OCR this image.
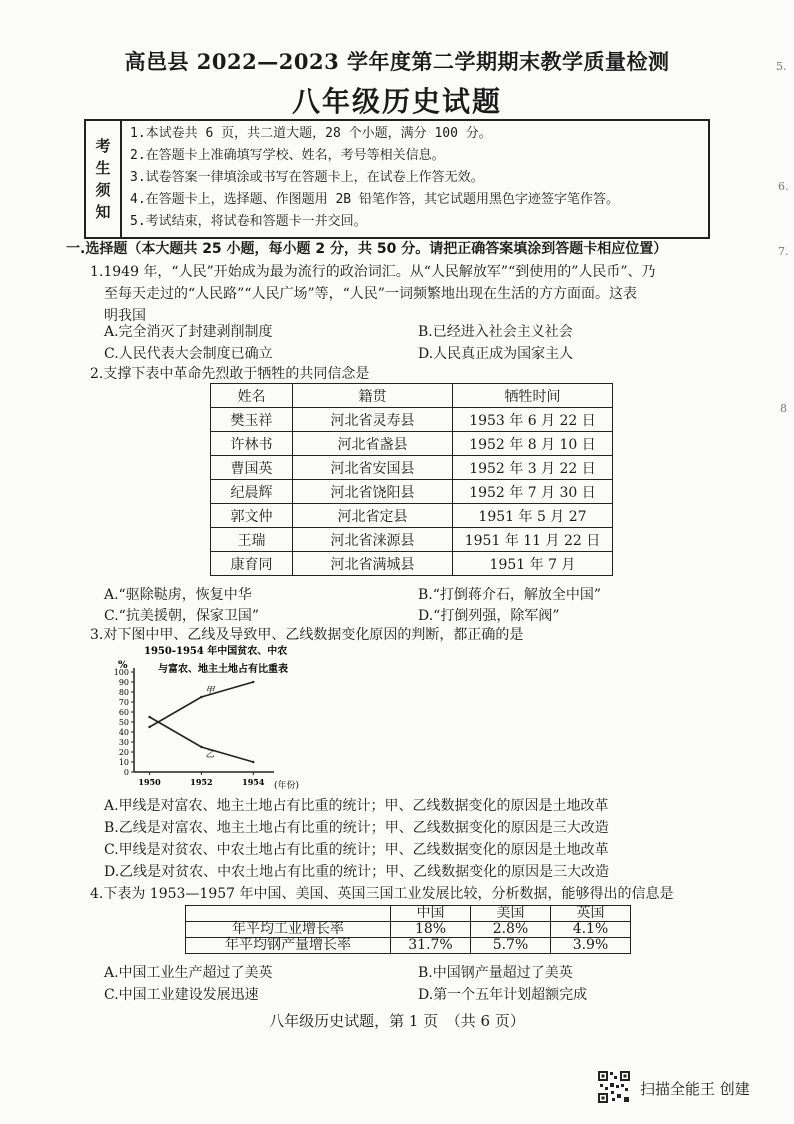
高邑县 2022—2023 学年度第二学期期末教学质量检测
八年级历史试题
考
生
须
知
1.本试卷共 6 页，共二道大题，28 个小题，满分 100 分。
2.在答题卡上准确填写学校、姓名，考号等相关信息。
3.试卷答案一律填涂或书写在答题卡上，在试卷上作答无效。
4.在答题卡上，选择题、作图题用 2B 铅笔作答，其它试题用黑色字迹签字笔作答。
5.考试结束，将试卷和答题卡一并交回。
一.选择题（本大题共 25 小题，每小题 2 分，共 50 分。请把正确答案填涂到答题卡相应位置）
1.1949 年，“人民”开始成为最为流行的政治词汇。从“人民解放军”“到使用的”人民币”、乃
至每天走过的“人民路”“人民广场”等，“人民”一词频繁地出现在生活的方方面面。这表
明我国
A.完全消灭了封建剥削制度	B.已经进入社会主义社会
C.人民代表大会制度已确立	D.人民真正成为国家主人
2.支撑下表中革命先烈敢于牺牲的共同信念是
姓名	籍贯	牺牲时间
樊玉祥	河北省灵寿县	1953 年 6 月 22 日
许林书	河北省盏县	1952 年 8 月 10 日
曹国英	河北省安国县	1952 年 3 月 22 日
纪晨辉	河北省饶阳县	1952 年 7 月 30 日
郭文仲	河北省定县	1951 年 5 月 27
王瑞	河北省涞源县	1951 年 11 月 22 日
康育同	河北省满城县	1951 年 7 月
A.“驱除鞑虏，恢复中华	B.“打倒蒋介石，解放全中国”
C.“抗美援朝，保家卫国”	D.“打倒列强，除军阀”
3.对下图中甲、乙线及导致甲、乙线数据变化原因的判断，都正确的是
1950-1954 年中国贫农、中农
与富农、地主土地占有比重表
%
0
10
20
30
40
50
60
70
80
90
100
1950	1952	1954
甲
乙
(年份)
A.甲线是对富农、地主土地占有比重的统计；甲、乙线数据变化的原因是土地改革
B.乙线是对富农、地主土地占有比重的统计；甲、乙线数据变化的原因是三大改造
C.甲线是对贫农、中农土地占有比重的统计；甲、乙线数据变化的原因是土地改革
D.乙线是对贫农、中农土地占有比重的统计；甲、乙线数据变化的原因是三大改造
4.下表为 1953—1957 年中国、美国、英国三国工业发展比较，分析数据，能够得出的信息是
	中国	美国	英国
年平均工业增长率	18%	2.8%	4.1%
年平均钢产量增长率	31.7%	5.7%	3.9%
A.中国工业生产超过了美英	B.中国钢产量超过了美英
C.中国工业建设发展迅速	D.第一个五年计划超额完成
八年级历史试题，第 1 页　（共 6 页）
5.
6.
7.
8
扫描全能王 创建
